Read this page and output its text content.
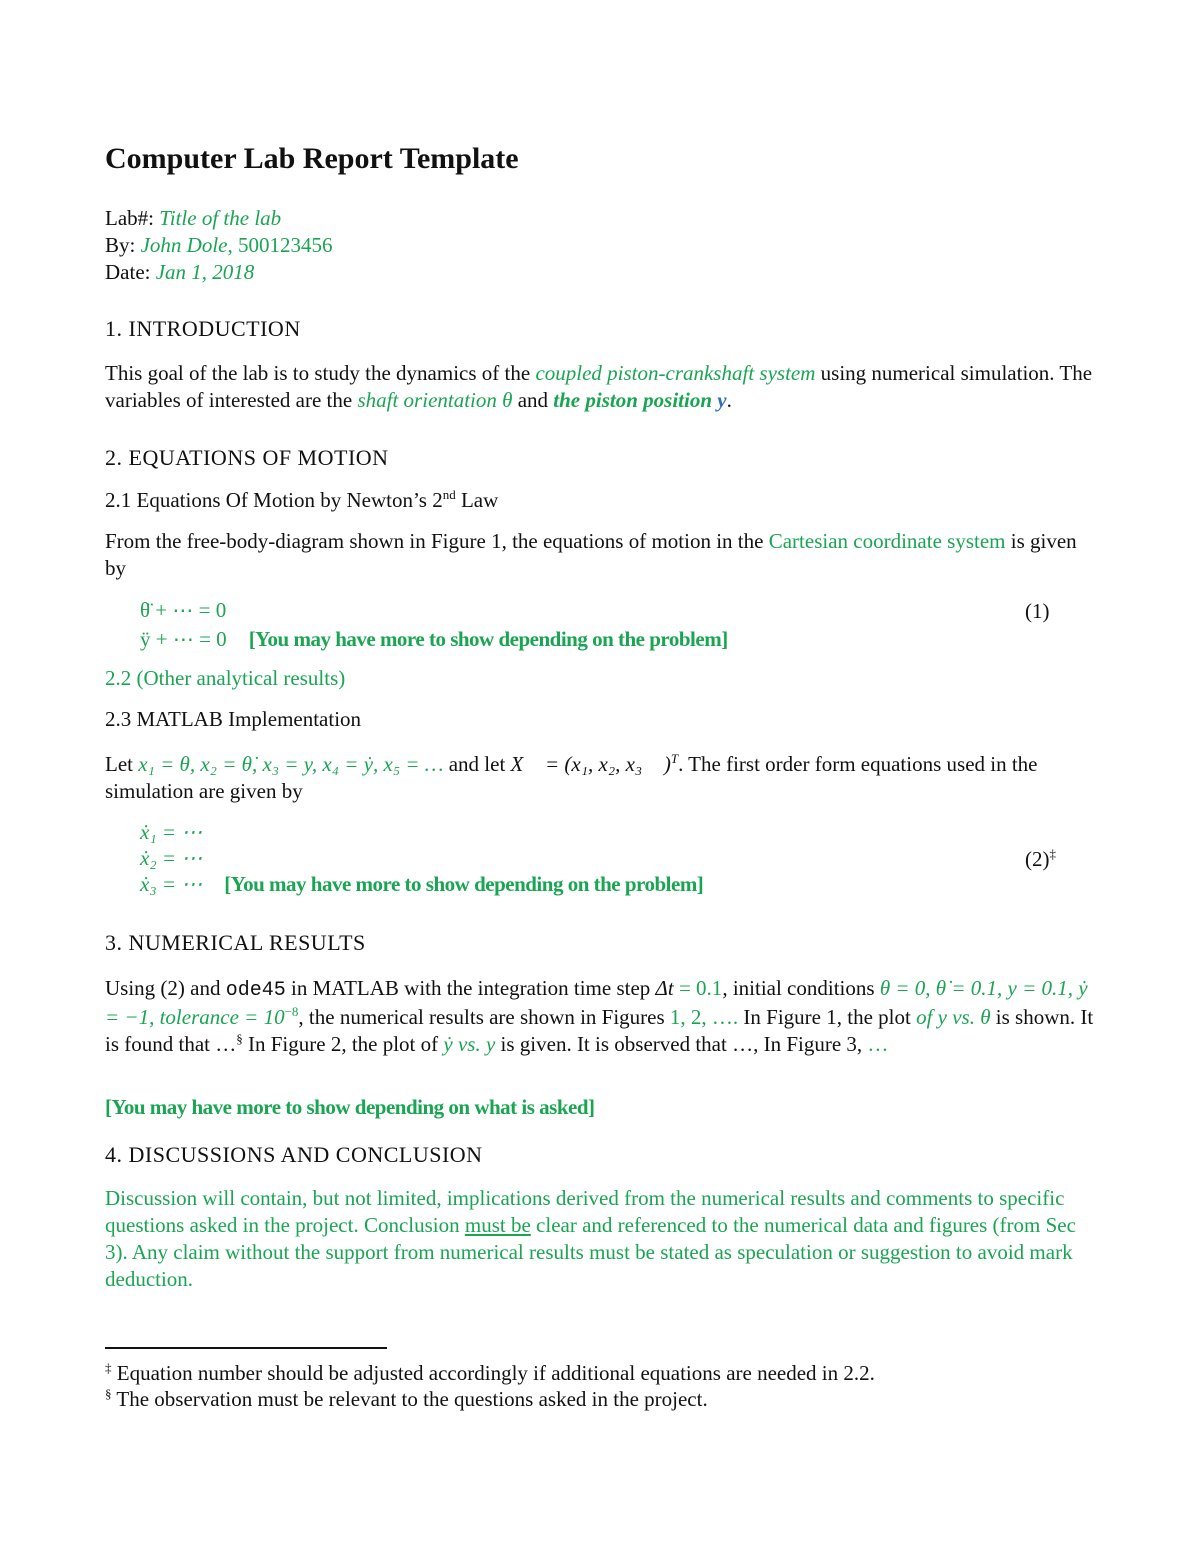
Computer Lab Report Template
Lab#: Title of the lab
By: John Dole, 500123456
Date: Jan 1, 2018
1. INTRODUCTION
This goal of the lab is to study the dynamics of the coupled piston-crankshaft system using numerical simulation. The variables of interested are the shaft orientation θ and the piston position y.
2. EQUATIONS OF MOTION
2.1 Equations Of Motion by Newton’s 2nd Law
From the free-body-diagram shown in Figure 1, the equations of motion in the Cartesian coordinate system is given by
θ̈ + ⋯ = 0
ÿ + ⋯ = 0 [You may have more to show depending on the problem]
(1)
2.2 (Other analytical results)
2.3 MATLAB Implementation
Let x₁ = θ, x₂ = θ̇, x₃ = y, x₄ = ẏ, x₅ = … and let X⃗ = (x₁, x₂, x₃ ⋯)$^T$. The first order form equations used in the simulation are given by
ẋ₁ = ⋯
ẋ₂ = ⋯
ẋ₃ = ⋯ [You may have more to show depending on the problem]
(2)‡
3. NUMERICAL RESULTS
Using (2) and ode45 in MATLAB with the integration time step Δt = 0.1, initial conditions θ = 0, θ̇ = 0.1, y = 0.1, ẏ = −1, tolerance = $10^{-8}$, the numerical results are shown in Figures 1, 2, …. In Figure 1, the plot of y vs. θ is shown. It is found that …§ In Figure 2, the plot of ẏ vs. y is given. It is observed that …, In Figure 3, …
[You may have more to show depending on what is asked]
4. DISCUSSIONS AND CONCLUSION
Discussion will contain, but not limited, implications derived from the numerical results and comments to specific questions asked in the project. Conclusion must be clear and referenced to the numerical data and figures (from Sec 3). Any claim without the support from numerical results must be stated as speculation or suggestion to avoid mark deduction.
‡ Equation number should be adjusted accordingly if additional equations are needed in 2.2.
§ The observation must be relevant to the questions asked in the project.
